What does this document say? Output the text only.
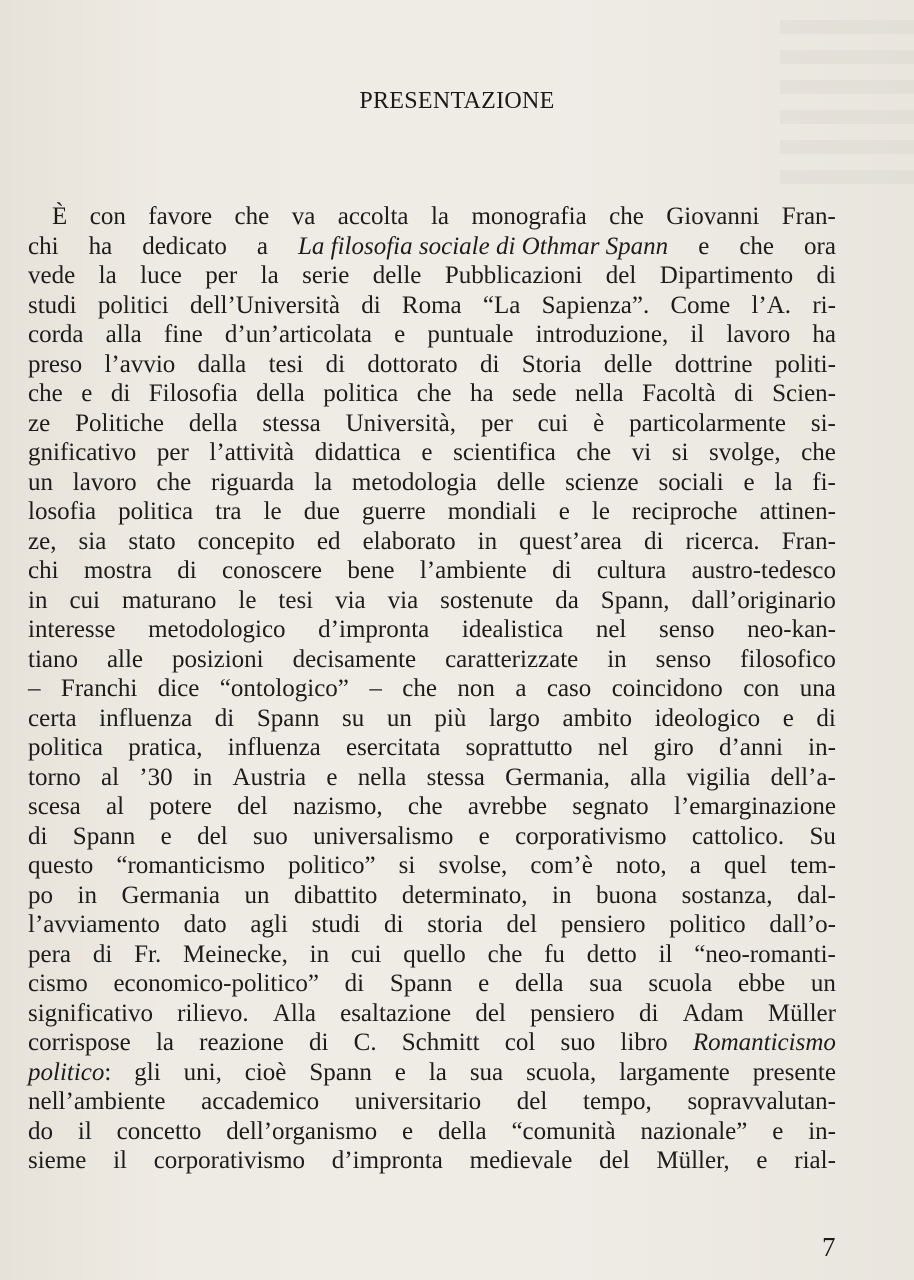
PRESENTAZIONE
È con favore che va accolta la monografia che Giovanni Fran-
chi ha dedicato a La filosofia sociale di Othmar Spann e che ora
vede la luce per la serie delle Pubblicazioni del Dipartimento di
studi politici dell’Università di Roma “La Sapienza”. Come l’A. ri-
corda alla fine d’un’articolata e puntuale introduzione, il lavoro ha
preso l’avvio dalla tesi di dottorato di Storia delle dottrine politi-
che e di Filosofia della politica che ha sede nella Facoltà di Scien-
ze Politiche della stessa Università, per cui è particolarmente si-
gnificativo per l’attività didattica e scientifica che vi si svolge, che
un lavoro che riguarda la metodologia delle scienze sociali e la fi-
losofia politica tra le due guerre mondiali e le reciproche attinen-
ze, sia stato concepito ed elaborato in quest’area di ricerca. Fran-
chi mostra di conoscere bene l’ambiente di cultura austro-tedesco
in cui maturano le tesi via via sostenute da Spann, dall’originario
interesse metodologico d’impronta idealistica nel senso neo-kan-
tiano alle posizioni decisamente caratterizzate in senso filosofico
– Franchi dice “ontologico” – che non a caso coincidono con una
certa influenza di Spann su un più largo ambito ideologico e di
politica pratica, influenza esercitata soprattutto nel giro d’anni in-
torno al ’30 in Austria e nella stessa Germania, alla vigilia dell’a-
scesa al potere del nazismo, che avrebbe segnato l’emarginazione
di Spann e del suo universalismo e corporativismo cattolico. Su
questo “romanticismo politico” si svolse, com’è noto, a quel tem-
po in Germania un dibattito determinato, in buona sostanza, dal-
l’avviamento dato agli studi di storia del pensiero politico dall’o-
pera di Fr. Meinecke, in cui quello che fu detto il “neo-romanti-
cismo economico-politico” di Spann e della sua scuola ebbe un
significativo rilievo. Alla esaltazione del pensiero di Adam Müller
corrispose la reazione di C. Schmitt col suo libro Romanticismo
politico: gli uni, cioè Spann e la sua scuola, largamente presente
nell’ambiente accademico universitario del tempo, sopravvalutan-
do il concetto dell’organismo e della “comunità nazionale” e in-
sieme il corporativismo d’impronta medievale del Müller, e rial-
7
